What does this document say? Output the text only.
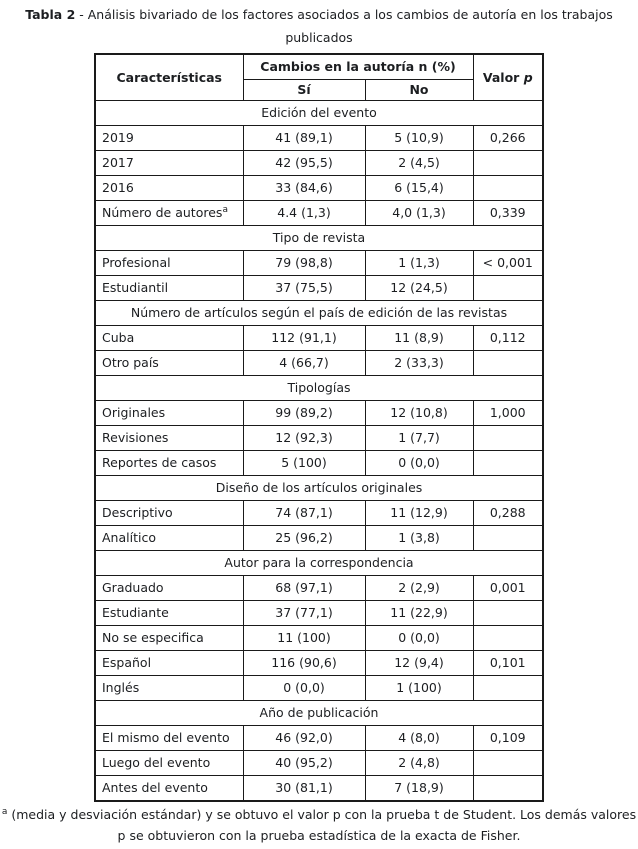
Tabla 2 - Análisis bivariado de los factores asociados a los cambios de autoría en los trabajos publicados
Características	Cambios en la autoría n (%)		Valor p
	Sí	No	
Edición del evento			
2019	41 (89,1)	5 (10,9)	0,266
2017	42 (95,5)	2 (4,5)	
2016	33 (84,6)	6 (15,4)	
Número de autores$^a$	4.4 (1,3)	4,0 (1,3)	0,339
Tipo de revista			
Profesional	79 (98,8)	1 (1,3)	< 0,001
Estudiantil	37 (75,5)	12 (24,5)	
Número de artículos según el país de edición de las revistas			
Cuba	112 (91,1)	11 (8,9)	0,112
Otro país	4 (66,7)	2 (33,3)	
Tipologías			
Originales	99 (89,2)	12 (10,8)	1,000
Revisiones	12 (92,3)	1 (7,7)	
Reportes de casos	5 (100)	0 (0,0)	
Diseño de los artículos originales			
Descriptivo	74 (87,1)	11 (12,9)	0,288
Analítico	25 (96,2)	1 (3,8)	
Autor para la correspondencia			
Graduado	68 (97,1)	2 (2,9)	0,001
Estudiante	37 (77,1)	11 (22,9)	
No se especifica	11 (100)	0 (0,0)	
Español	116 (90,6)	12 (9,4)	0,101
Inglés	0 (0,0)	1 (100)	
Año de publicación			
El mismo del evento	46 (92,0)	4 (8,0)	0,109
Luego del evento	40 (95,2)	2 (4,8)	
Antes del evento	30 (81,1)	7 (18,9)	
$^a$ (media y desviación estándar) y se obtuvo el valor p con la prueba t de Student. Los demás valores p se obtuvieron con la prueba estadística de la exacta de Fisher.
